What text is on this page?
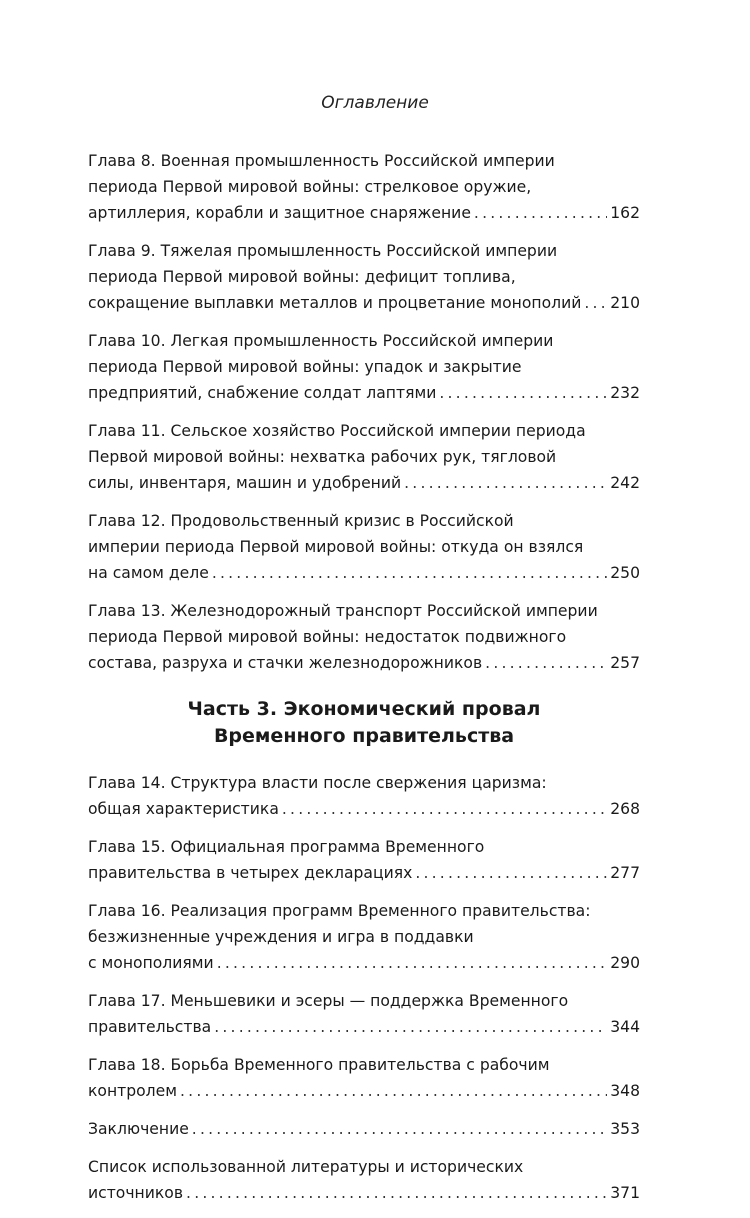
Оглавление
Глава 8. Военная промышленность Российской империи
периода Первой мировой войны: стрелковое оружие,
артиллерия, корабли и защитное снаряжение .....	162
Глава 9. Тяжелая промышленность Российской империи
периода Первой мировой войны: дефицит топлива,
сокращение выплавки металлов и процветание монополий ..... 210
Глава 10. Легкая промышленность Российской империи
периода Первой мировой войны: упадок и закрытие
предприятий, снабжение солдат лаптями .....	232
Глава 11. Сельское хозяйство Российской империи периода
Первой мировой войны: нехватка рабочих рук, тягловой
силы, инвентаря, машин и удобрений .....	242
Глава 12. Продовольственный кризис в Российской
империи периода Первой мировой войны: откуда он взялся
на самом деле .....	250
Глава 13. Железнодорожный транспорт Российской империи
периода Первой мировой войны: недостаток подвижного
состава, разруха и стачки железнодорожников .....	257
Часть 3. Экономический провал
Временного правительства
Глава 14. Структура власти после свержения царизма:
общая характеристика .....	268
Глава 15. Официальная программа Временного
правительства в четырех декларациях .....	277
Глава 16. Реализация программ Временного правительства:
безжизненные учреждения и игра в поддавки
с монополиями .....	290
Глава 17. Меньшевики и эсеры — поддержка Временного
правительства .....	344
Глава 18. Борьба Временного правительства с рабочим
контролем .....	348
Заключение .....	353
Список использованной литературы и исторических
источников .....	371
